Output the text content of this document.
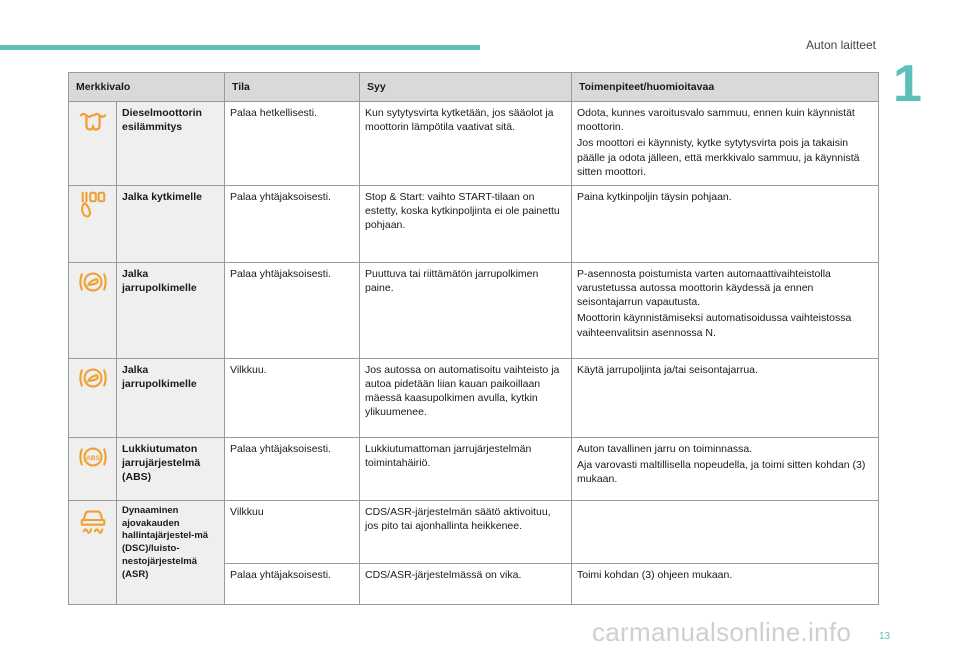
Auton laitteet
1
Merkkivalo		Tila	Syy	Toimenpiteet/huomioitavaa
	Dieselmoottorin esilämmitys	Palaa hetkellisesti.	Kun sytytysvirta kytketään, jos sääolot ja moottorin lämpötila vaativat sitä.	Odota, kunnes varoitusvalo sammuu, ennen kuin käynnistät moottorin.

Jos moottori ei käynnisty, kytke sytytysvirta pois ja takaisin päälle ja odota jälleen, että merkkivalo sammuu, ja käynnistä sitten moottori.

	Jalka kytkimelle	Palaa yhtäjaksoisesti.	Stop & Start: vaihto START-tilaan on estetty, koska kytkinpoljinta ei ole painettu pohjaan.	Paina kytkinpoljin täysin pohjaan.

	Jalka jarrupolkimelle	Palaa yhtäjaksoisesti.	Puuttuva tai riittämätön jarrupolkimen paine.	P-asennosta poistumista varten automaattivaihteistolla varustetussa autossa moottorin käydessä ja ennen seisontajarrun vapautusta.

Moottorin käynnistämiseksi automatisoidussa vaihteistossa vaihteenvalitsin asennossa N.

	Jalka jarrupolkimelle	Vilkkuu.	Jos autossa on automatisoitu vaihteisto ja autoa pidetään liian kauan paikoillaan mäessä kaasupolkimen avulla, kytkin ylikuumenee.	Käytä jarrupoljinta ja/tai seisontajarrua.

ABS	Lukkiutumaton jarrujärjestelmä (ABS)	Palaa yhtäjaksoisesti.	Lukkiutumattoman jarrujärjestelmän toimintahäiriö.	Auton tavallinen jarru on toiminnassa.

Aja varovasti maltillisella nopeudella, ja toimi sitten kohdan (3) mukaan.

	Dynaaminen ajovakauden hallintajärjestel-mä (DSC)/luisto-nestojärjestelmä (ASR)	Vilkkuu	CDS/ASR-järjestelmän säätö aktivoituu, jos pito tai ajonhallinta heikkenee.	
		Palaa yhtäjaksoisesti.	CDS/ASR-järjestelmässä on vika.	Toimi kohdan (3) ohjeen mukaan.

13
carmanualsonline.info
